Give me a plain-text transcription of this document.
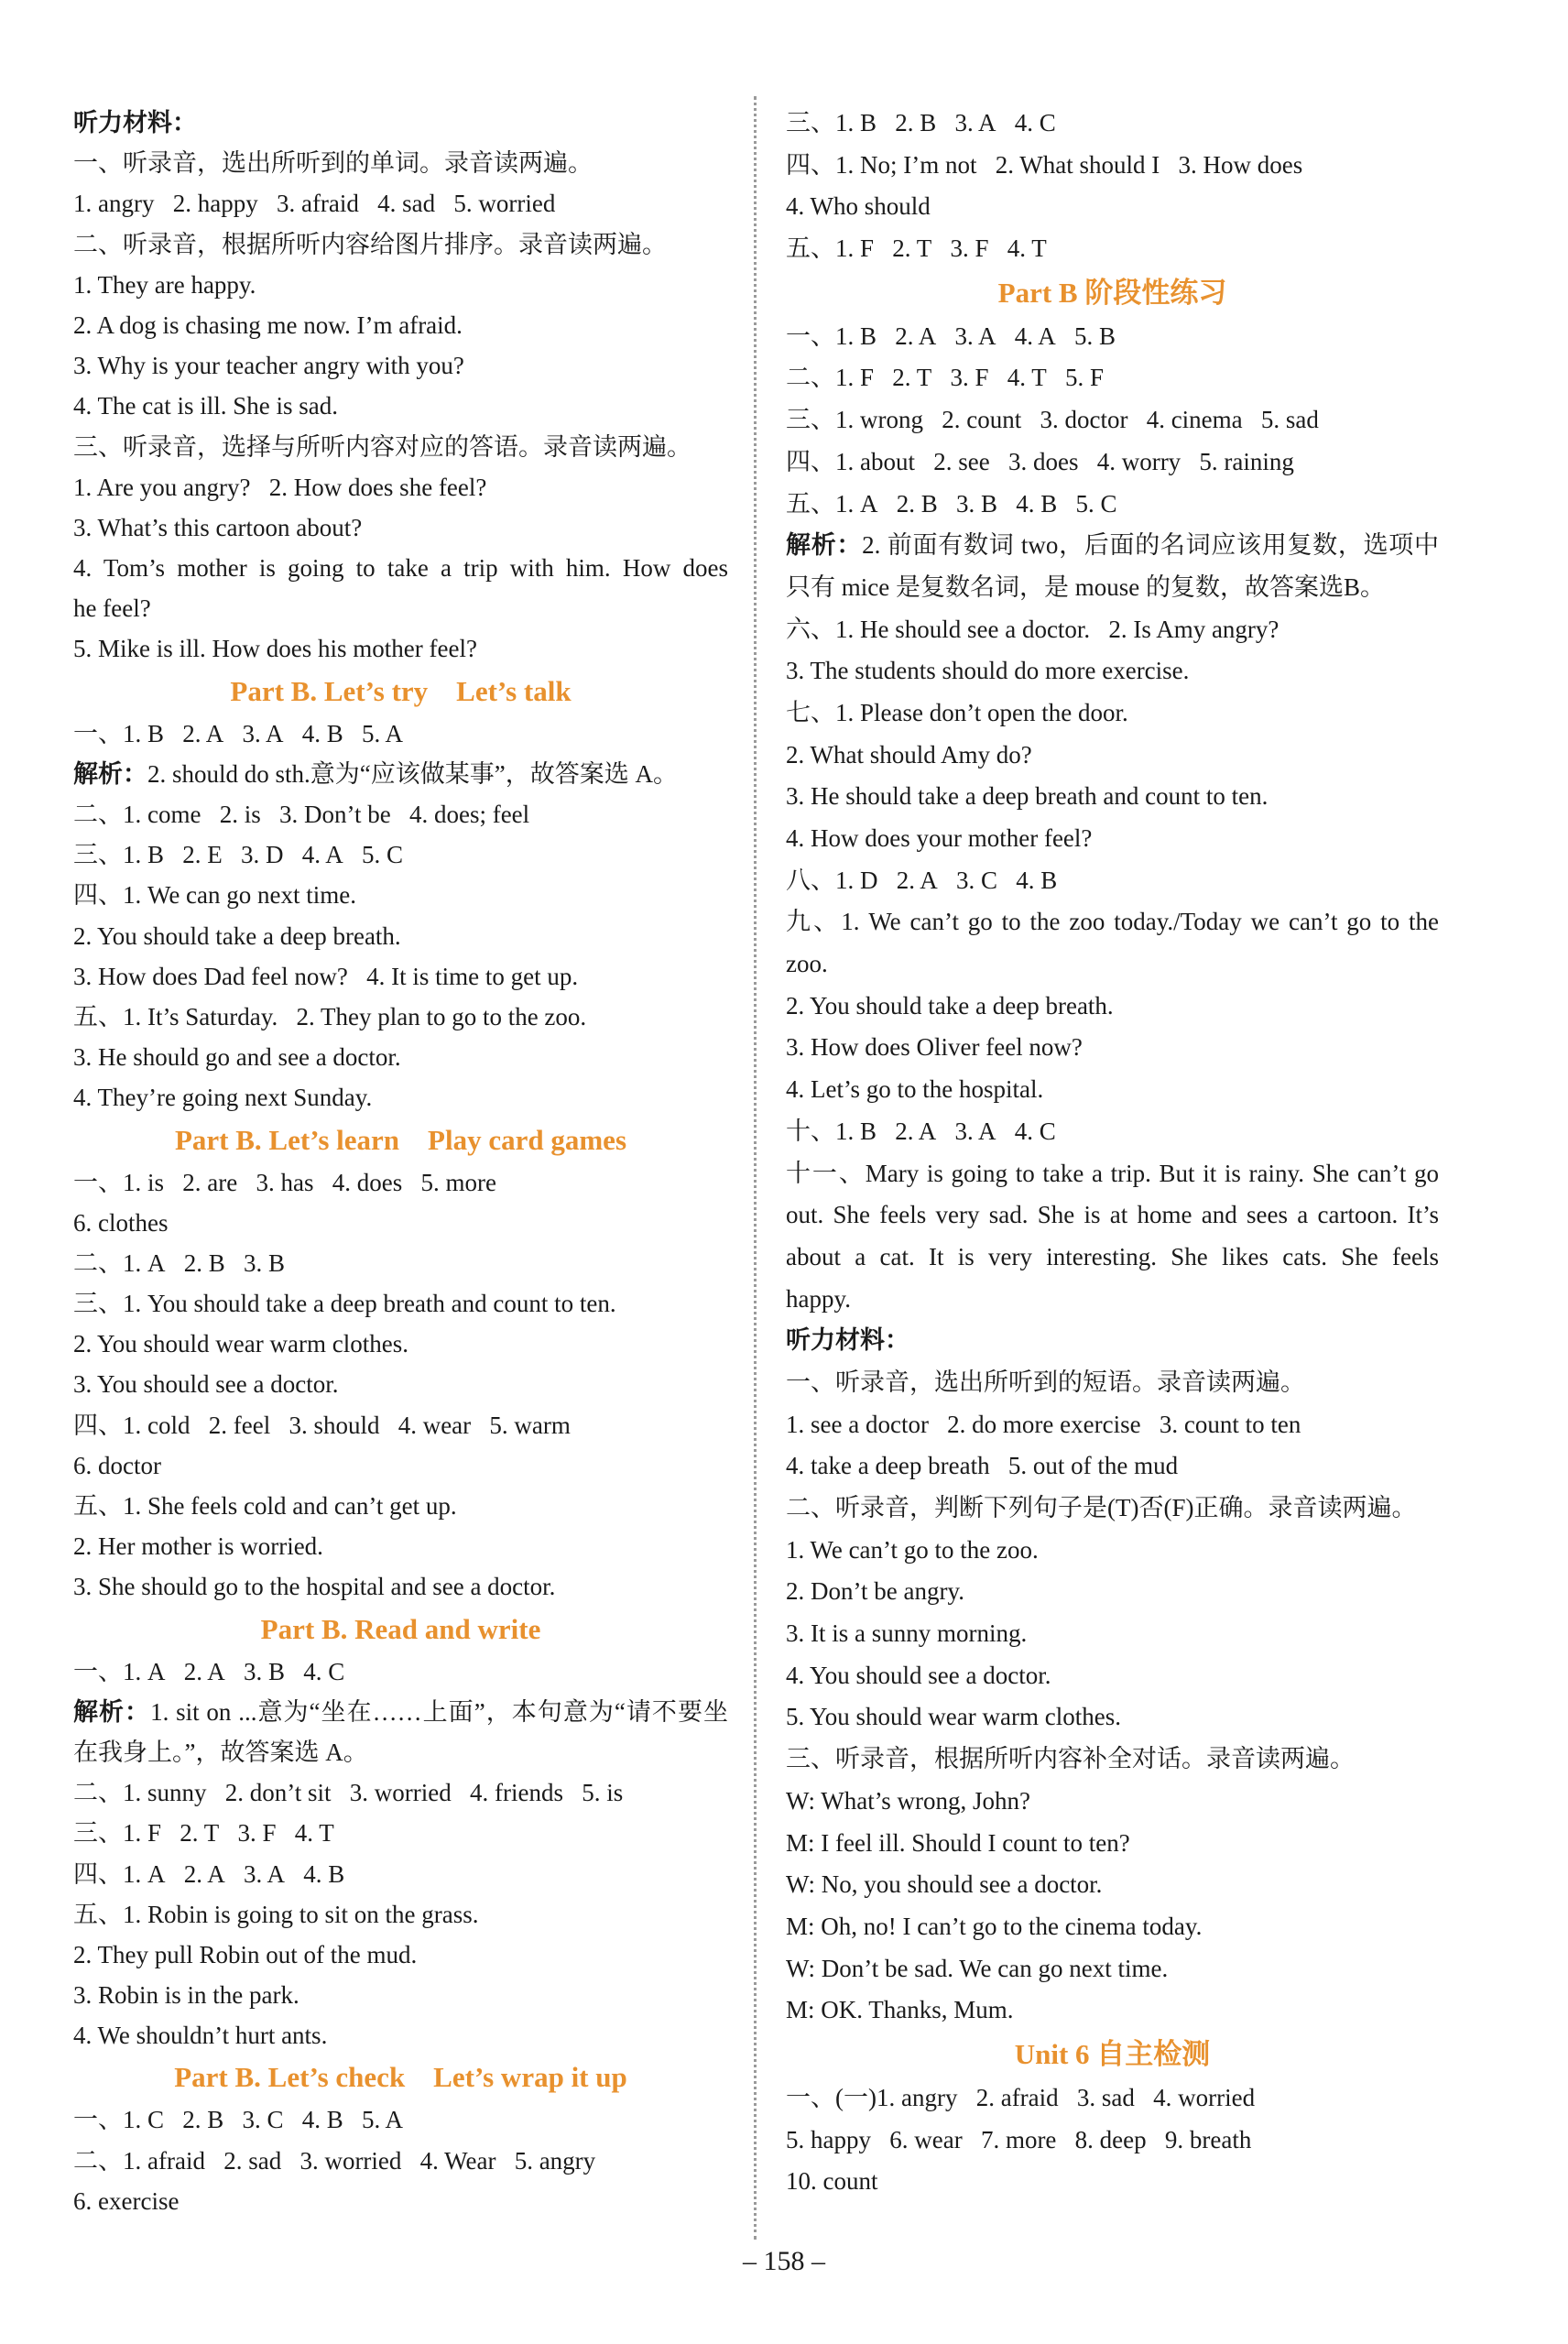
听力材料：
一、听录音，选出所听到的单词。录音读两遍。
1. angry   2. happy   3. afraid   4. sad   5. worried
二、听录音，根据所听内容给图片排序。录音读两遍。
1. They are happy.
2. A dog is chasing me now. I’m afraid.
3. Why is your teacher angry with you?
4. The cat is ill. She is sad.
三、听录音，选择与所听内容对应的答语。录音读两遍。
1. Are you angry?   2. How does she feel?
3. What’s this cartoon about?
4. Tom’s mother is going to take a trip with him. How does
he feel?
5. Mike is ill. How does his mother feel?
Part B. Let’s try    Let’s talk
一、1. B   2. A   3. A   4. B   5. A
解析：2. should do sth.意为“应该做某事”，故答案选 A。
二、1. come   2. is   3. Don’t be   4. does; feel
三、1. B   2. E   3. D   4. A   5. C
四、1. We can go next time.
2. You should take a deep breath.
3. How does Dad feel now?   4. It is time to get up.
五、1. It’s Saturday.   2. They plan to go to the zoo.
3. He should go and see a doctor.
4. They’re going next Sunday.
Part B. Let’s learn    Play card games
一、1. is   2. are   3. has   4. does   5. more
6. clothes
二、1. A   2. B   3. B
三、1. You should take a deep breath and count to ten.
2. You should wear warm clothes.
3. You should see a doctor.
四、1. cold   2. feel   3. should   4. wear   5. warm
6. doctor
五、1. She feels cold and can’t get up.
2. Her mother is worried.
3. She should go to the hospital and see a doctor.
Part B. Read and write
一、1. A   2. A   3. B   4. C
解析：1. sit on ...意为“坐在……上面”，本句意为“请不要坐
在我身上。”，故答案选 A。
二、1. sunny   2. don’t sit   3. worried   4. friends   5. is
三、1. F   2. T   3. F   4. T
四、1. A   2. A   3. A   4. B
五、1. Robin is going to sit on the grass.
2. They pull Robin out of the mud.
3. Robin is in the park.
4. We shouldn’t hurt ants.
Part B. Let’s check    Let’s wrap it up
一、1. C   2. B   3. C   4. B   5. A
二、1. afraid   2. sad   3. worried   4. Wear   5. angry
6. exercise
三、1. B   2. B   3. A   4. C
四、1. No; I’m not   2. What should I   3. How does
4. Who should
五、1. F   2. T   3. F   4. T
Part B 阶段性练习
一、1. B   2. A   3. A   4. A   5. B
二、1. F   2. T   3. F   4. T   5. F
三、1. wrong   2. count   3. doctor   4. cinema   5. sad
四、1. about   2. see   3. does   4. worry   5. raining
五、1. A   2. B   3. B   4. B   5. C
解析：2. 前面有数词 two，后面的名词应该用复数，选项中
只有 mice 是复数名词，是 mouse 的复数，故答案选B。
六、1. He should see a doctor.   2. Is Amy angry?
3. The students should do more exercise.
七、1. Please don’t open the door.
2. What should Amy do?
3. He should take a deep breath and count to ten.
4. How does your mother feel?
八、1. D   2. A   3. C   4. B
九、1. We can’t go to the zoo today./Today we can’t go to the
zoo.
2. You should take a deep breath.
3. How does Oliver feel now?
4. Let’s go to the hospital.
十、1. B   2. A   3. A   4. C
十一、Mary is going to take a trip. But it is rainy. She can’t go
out. She feels very sad. She is at home and sees a cartoon. It’s
about a cat. It is very interesting. She likes cats. She feels
happy.
听力材料：
一、听录音，选出所听到的短语。录音读两遍。
1. see a doctor   2. do more exercise   3. count to ten
4. take a deep breath   5. out of the mud
二、听录音，判断下列句子是(T)否(F)正确。录音读两遍。
1. We can’t go to the zoo.
2. Don’t be angry.
3. It is a sunny morning.
4. You should see a doctor.
5. You should wear warm clothes.
三、听录音，根据所听内容补全对话。录音读两遍。
W: What’s wrong, John?
M: I feel ill. Should I count to ten?
W: No, you should see a doctor.
M: Oh, no! I can’t go to the cinema today.
W: Don’t be sad. We can go next time.
M: OK. Thanks, Mum.
Unit 6 自主检测
一、(一)1. angry   2. afraid   3. sad   4. worried
5. happy   6. wear   7. more   8. deep   9. breath
10. count
– 158 –
